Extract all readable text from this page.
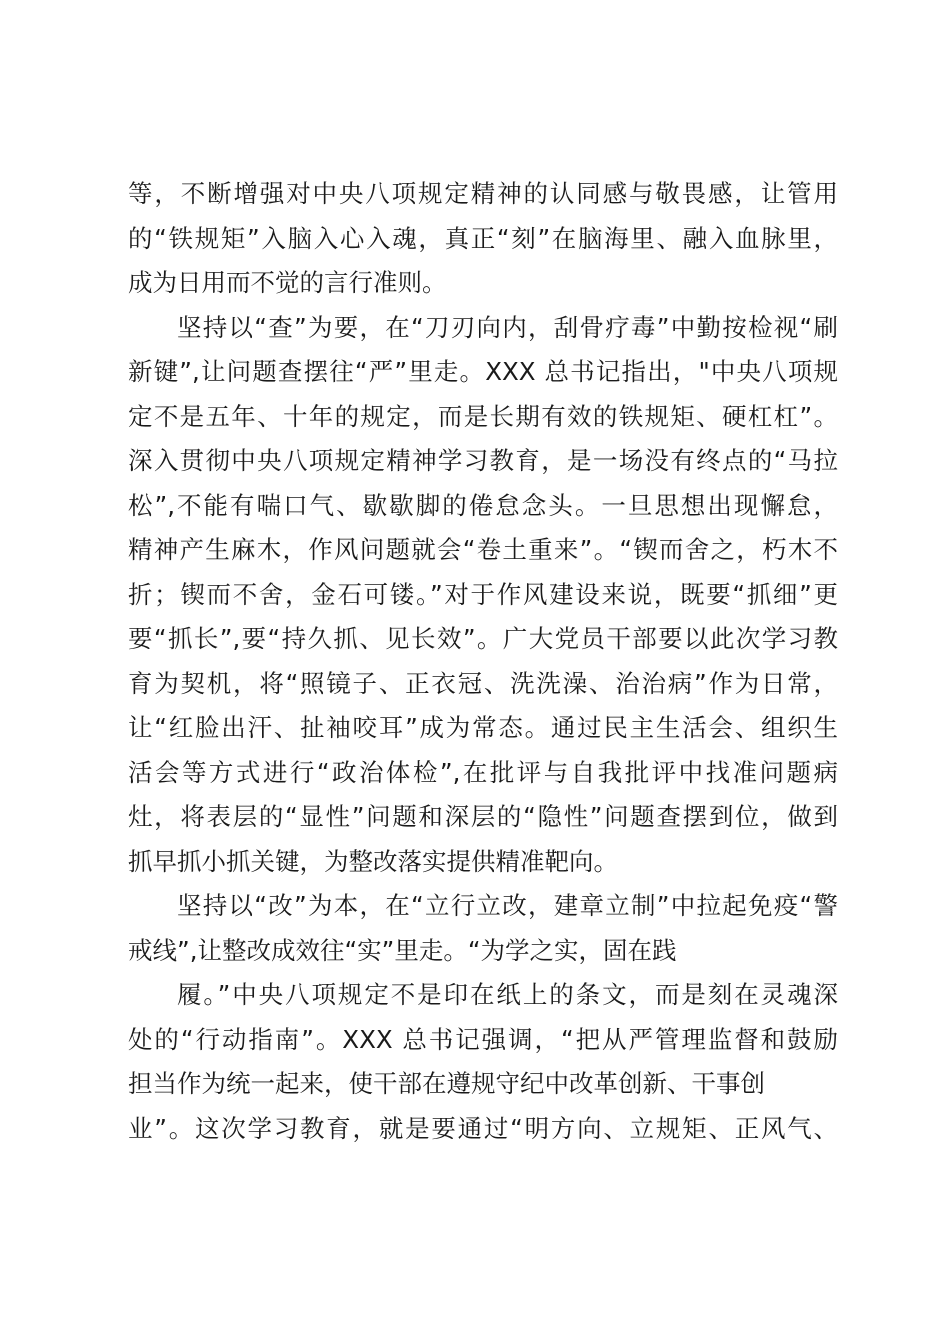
等，不断增强对中央八项规定精神的认同感与敬畏感，让管用
的“铁规矩”入脑入心入魂，真正“刻”在脑海里、融入血脉里，
成为日用而不觉的言行准则。
坚持以“查”为要，在“刀刃向内，刮骨疗毒”中勤按检视“刷
新键”,让问题查摆往“严”里走。XXX 总书记指出，"中央八项规
定不是五年、十年的规定，而是长期有效的铁规矩、硬杠杠”。
深入贯彻中央八项规定精神学习教育，是一场没有终点的“马拉
松”,不能有喘口气、歇歇脚的倦怠念头。一旦思想出现懈怠，
精神产生麻木，作风问题就会“卷土重来”。“锲而舍之，朽木不
折；锲而不舍，金石可镂。”对于作风建设来说，既要“抓细”更
要“抓长”,要“持久抓、见长效”。广大党员干部要以此次学习教
育为契机，将“照镜子、正衣冠、洗洗澡、治治病”作为日常，
让“红脸出汗、扯袖咬耳”成为常态。通过民主生活会、组织生
活会等方式进行“政治体检”,在批评与自我批评中找准问题病
灶，将表层的“显性”问题和深层的“隐性”问题查摆到位，做到
抓早抓小抓关键，为整改落实提供精准靶向。
坚持以“改”为本，在“立行立改，建章立制”中拉起免疫“警
戒线”,让整改成效往“实”里走。“为学之实，固在践
履。”中央八项规定不是印在纸上的条文，而是刻在灵魂深
处的“行动指南”。XXX 总书记强调，“把从严管理监督和鼓励
担当作为统一起来，使干部在遵规守纪中改革创新、干事创
业”。这次学习教育，就是要通过“明方向、立规矩、正风气、
